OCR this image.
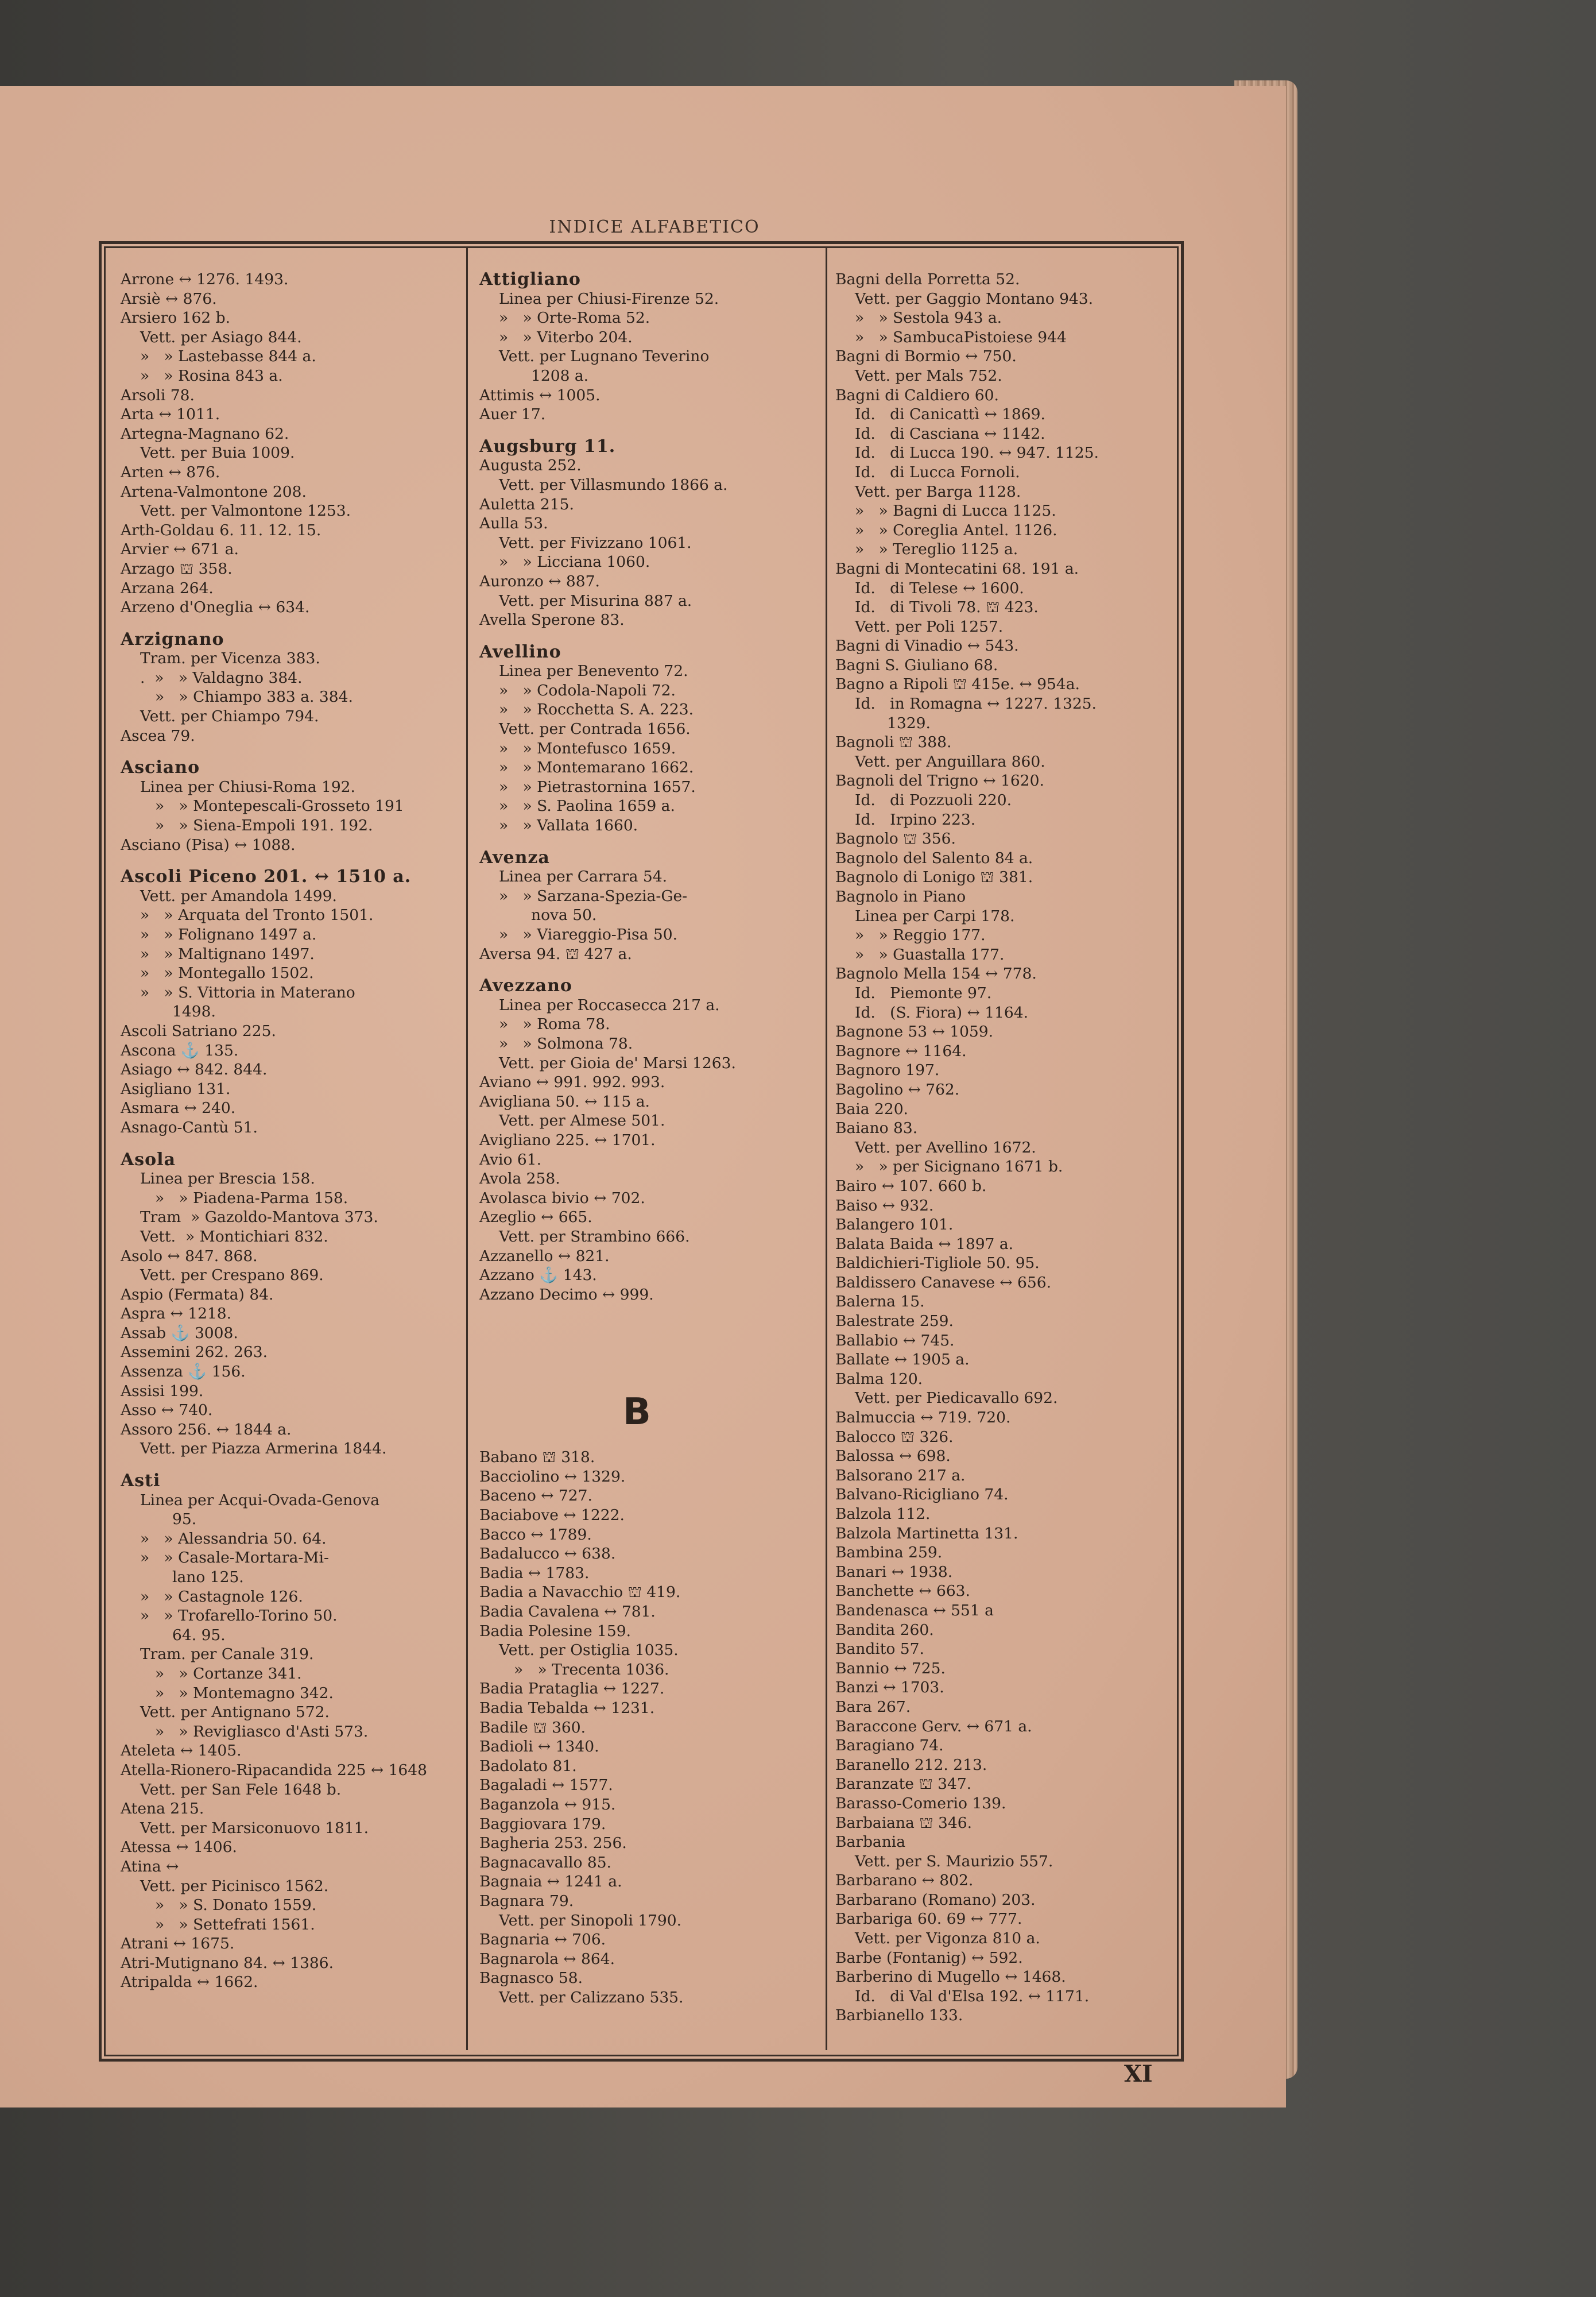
INDICE ALFABETICO
Arrone ↔ 1276. 1493.
Arsiè ↔ 876.
Arsiero 162 b.
Vett. per Asiago 844.
»   » Lastebasse 844 a.
»   » Rosina 843 a.
Arsoli 78.
Arta ↔ 1011.
Artegna-Magnano 62.
Vett. per Buia 1009.
Arten ↔ 876.
Artena-Valmontone 208.
Vett. per Valmontone 1253.
Arth-Goldau 6. 11. 12. 15.
Arvier ↔ 671 a.
Arzago ⛫ 358.
Arzana 264.
Arzeno d'Oneglia ↔ 634.
Arzignano
Tram. per Vicenza 383.
.  »   » Valdagno 384.
»   » Chiampo 383 a. 384.
Vett. per Chiampo 794.
Ascea 79.
Asciano
Linea per Chiusi-Roma 192.
»   » Montepescali-Grosseto 191
»   » Siena-Empoli 191. 192.
Asciano (Pisa) ↔ 1088.
Ascoli Piceno 201. ↔ 1510 a.
Vett. per Amandola 1499.
»   » Arquata del Tronto 1501.
»   » Folignano 1497 a.
»   » Maltignano 1497.
»   » Montegallo 1502.
»   » S. Vittoria in Materano
1498.
Ascoli Satriano 225.
Ascona ⚓ 135.
Asiago ↔ 842. 844.
Asigliano 131.
Asmara ↔ 240.
Asnago-Cantù 51.
Asola
Linea per Brescia 158.
»   » Piadena-Parma 158.
Tram  » Gazoldo-Mantova 373.
Vett.  » Montichiari 832.
Asolo ↔ 847. 868.
Vett. per Crespano 869.
Aspio (Fermata) 84.
Aspra ↔ 1218.
Assab ⚓ 3008.
Assemini 262. 263.
Assenza ⚓ 156.
Assisi 199.
Asso ↔ 740.
Assoro 256. ↔ 1844 a.
Vett. per Piazza Armerina 1844.
Asti
Linea per Acqui-Ovada-Genova
95.
»   » Alessandria 50. 64.
»   » Casale-Mortara-Mi-
lano 125.
»   » Castagnole 126.
»   » Trofarello-Torino 50.
64. 95.
Tram. per Canale 319.
»   » Cortanze 341.
»   » Montemagno 342.
Vett. per Antignano 572.
»   » Revigliasco d'Asti 573.
Ateleta ↔ 1405.
Atella-Rionero-Ripacandida 225 ↔ 1648
Vett. per San Fele 1648 b.
Atena 215.
Vett. per Marsiconuovo 1811.
Atessa ↔ 1406.
Atina ↔
Vett. per Picinisco 1562.
»   » S. Donato 1559.
»   » Settefrati 1561.
Atrani ↔ 1675.
Atri-Mutignano 84. ↔ 1386.
Atripalda ↔ 1662.
Attigliano
Linea per Chiusi-Firenze 52.
»   » Orte-Roma 52.
»   » Viterbo 204.
Vett. per Lugnano Teverino
1208 a.
Attimis ↔ 1005.
Auer 17.
Augsburg 11.
Augusta 252.
Vett. per Villasmundo 1866 a.
Auletta 215.
Aulla 53.
Vett. per Fivizzano 1061.
»   » Licciana 1060.
Auronzo ↔ 887.
Vett. per Misurina 887 a.
Avella Sperone 83.
Avellino
Linea per Benevento 72.
»   » Codola-Napoli 72.
»   » Rocchetta S. A. 223.
Vett. per Contrada 1656.
»   » Montefusco 1659.
»   » Montemarano 1662.
»   » Pietrastornina 1657.
»   » S. Paolina 1659 a.
»   » Vallata 1660.
Avenza
Linea per Carrara 54.
»   » Sarzana-Spezia-Ge-
nova 50.
»   » Viareggio-Pisa 50.
Aversa 94. ⛫ 427 a.
Avezzano
Linea per Roccasecca 217 a.
»   » Roma 78.
»   » Solmona 78.
Vett. per Gioia de' Marsi 1263.
Aviano ↔ 991. 992. 993.
Avigliana 50. ↔ 115 a.
Vett. per Almese 501.
Avigliano 225. ↔ 1701.
Avio 61.
Avola 258.
Avolasca bivio ↔ 702.
Azeglio ↔ 665.
Vett. per Strambino 666.
Azzanello ↔ 821.
Azzano ⚓ 143.
Azzano Decimo ↔ 999.
Babano ⛫ 318.
Bacciolino ↔ 1329.
Baceno ↔ 727.
Baciabove ↔ 1222.
Bacco ↔ 1789.
Badalucco ↔ 638.
Badia ↔ 1783.
Badia a Navacchio ⛫ 419.
Badia Cavalena ↔ 781.
Badia Polesine 159.
Vett. per Ostiglia 1035.
»   » Trecenta 1036.
Badia Prataglia ↔ 1227.
Badia Tebalda ↔ 1231.
Badile ⛫ 360.
Badioli ↔ 1340.
Badolato 81.
Bagaladi ↔ 1577.
Baganzola ↔ 915.
Baggiovara 179.
Bagheria 253. 256.
Bagnacavallo 85.
Bagnaia ↔ 1241 a.
Bagnara 79.
Vett. per Sinopoli 1790.
Bagnaria ↔ 706.
Bagnarola ↔ 864.
Bagnasco 58.
Vett. per Calizzano 535.
Bagni della Porretta 52.
Vett. per Gaggio Montano 943.
»   » Sestola 943 a.
»   » SambucaPistoiese 944
Bagni di Bormio ↔ 750.
Vett. per Mals 752.
Bagni di Caldiero 60.
Id.   di Canicattì ↔ 1869.
Id.   di Casciana ↔ 1142.
Id.   di Lucca 190. ↔ 947. 1125.
Id.   di Lucca Fornoli.
Vett. per Barga 1128.
»   » Bagni di Lucca 1125.
»   » Coreglia Antel. 1126.
»   » Tereglio 1125 a.
Bagni di Montecatini 68. 191 a.
Id.   di Telese ↔ 1600.
Id.   di Tivoli 78. ⛫ 423.
Vett. per Poli 1257.
Bagni di Vinadio ↔ 543.
Bagni S. Giuliano 68.
Bagno a Ripoli ⛫ 415e. ↔ 954a.
Id.   in Romagna ↔ 1227. 1325.
1329.
Bagnoli ⛫ 388.
Vett. per Anguillara 860.
Bagnoli del Trigno ↔ 1620.
Id.   di Pozzuoli 220.
Id.   Irpino 223.
Bagnolo ⛫ 356.
Bagnolo del Salento 84 a.
Bagnolo di Lonigo ⛫ 381.
Bagnolo in Piano
Linea per Carpi 178.
»   » Reggio 177.
»   » Guastalla 177.
Bagnolo Mella 154 ↔ 778.
Id.   Piemonte 97.
Id.   (S. Fiora) ↔ 1164.
Bagnone 53 ↔ 1059.
Bagnore ↔ 1164.
Bagnoro 197.
Bagolino ↔ 762.
Baia 220.
Baiano 83.
Vett. per Avellino 1672.
»   » per Sicignano 1671 b.
Bairo ↔ 107. 660 b.
Baiso ↔ 932.
Balangero 101.
Balata Baida ↔ 1897 a.
Baldichieri-Tigliole 50. 95.
Baldissero Canavese ↔ 656.
Balerna 15.
Balestrate 259.
Ballabio ↔ 745.
Ballate ↔ 1905 a.
Balma 120.
Vett. per Piedicavallo 692.
Balmuccia ↔ 719. 720.
Balocco ⛫ 326.
Balossa ↔ 698.
Balsorano 217 a.
Balvano-Ricigliano 74.
Balzola 112.
Balzola Martinetta 131.
Bambina 259.
Banari ↔ 1938.
Banchette ↔ 663.
Bandenasca ↔ 551 a
Bandita 260.
Bandito 57.
Bannio ↔ 725.
Banzi ↔ 1703.
Bara 267.
Baraccone Gerv. ↔ 671 a.
Baragiano 74.
Baranello 212. 213.
Baranzate ⛫ 347.
Barasso-Comerio 139.
Barbaiana ⛫ 346.
Barbania
Vett. per S. Maurizio 557.
Barbarano ↔ 802.
Barbarano (Romano) 203.
Barbariga 60. 69 ↔ 777.
Vett. per Vigonza 810 a.
Barbe (Fontanig) ↔ 592.
Barberino di Mugello ↔ 1468.
Id.   di Val d'Elsa 192. ↔ 1171.
Barbianello 133.
B
XI
